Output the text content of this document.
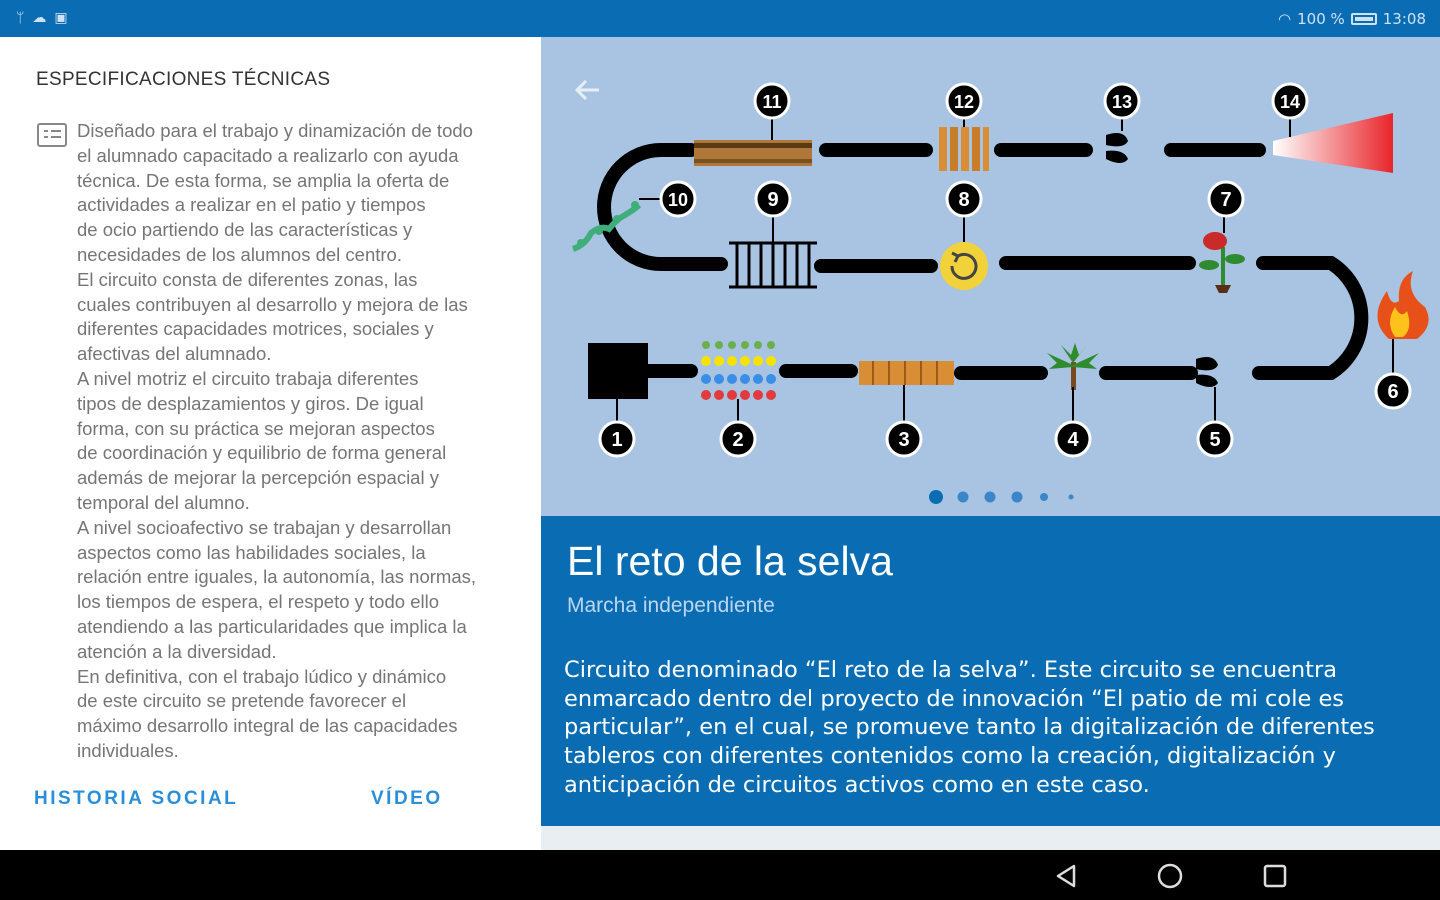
ᛘ ☁ ▣	◠ 100 %	13:08
ESPECIFICACIONES TÉCNICAS
Diseñado para el trabajo y dinamización de todo
el alumnado capacitado a realizarlo con ayuda
técnica. De esta forma, se amplia la oferta de
actividades a realizar en el patio y tiempos
de ocio partiendo de las características y
necesidades de los alumnos del centro.
El circuito consta de diferentes zonas, las
cuales contribuyen al desarrollo y mejora de las
diferentes capacidades motrices, sociales y
afectivas del alumnado.
A nivel motriz el circuito trabaja diferentes
tipos de desplazamientos y giros. De igual
forma, con su práctica se mejoran aspectos
de coordinación y equilibrio de forma general
además de mejorar la percepción espacial y
temporal del alumno.
A nivel socioafectivo se trabajan y desarrollan
aspectos como las habilidades sociales, la
relación entre iguales, la autonomía, las normas,
los tiempos de espera, el respeto y todo ello
atendiendo a las particularidades que implica la
atención a la diversidad.
En definitiva, con el trabajo lúdico y dinámico
de este circuito se pretende favorecer el
máximo desarrollo integral de las capacidades
individuales.
HISTORIA SOCIAL	VÍDEO
1	2	3	4	5
6
7
8
9
10
11	12	13	14
El reto de la selva
Marcha independiente
Circuito denominado “El reto de la selva”. Este circuito se encuentra enmarcado dentro del proyecto de innovación “El patio de mi cole es particular”, en el cual, se promueve tanto la digitalización de diferentes tableros con diferentes contenidos como la creación, digitalización y anticipación de circuitos activos como en este caso.
